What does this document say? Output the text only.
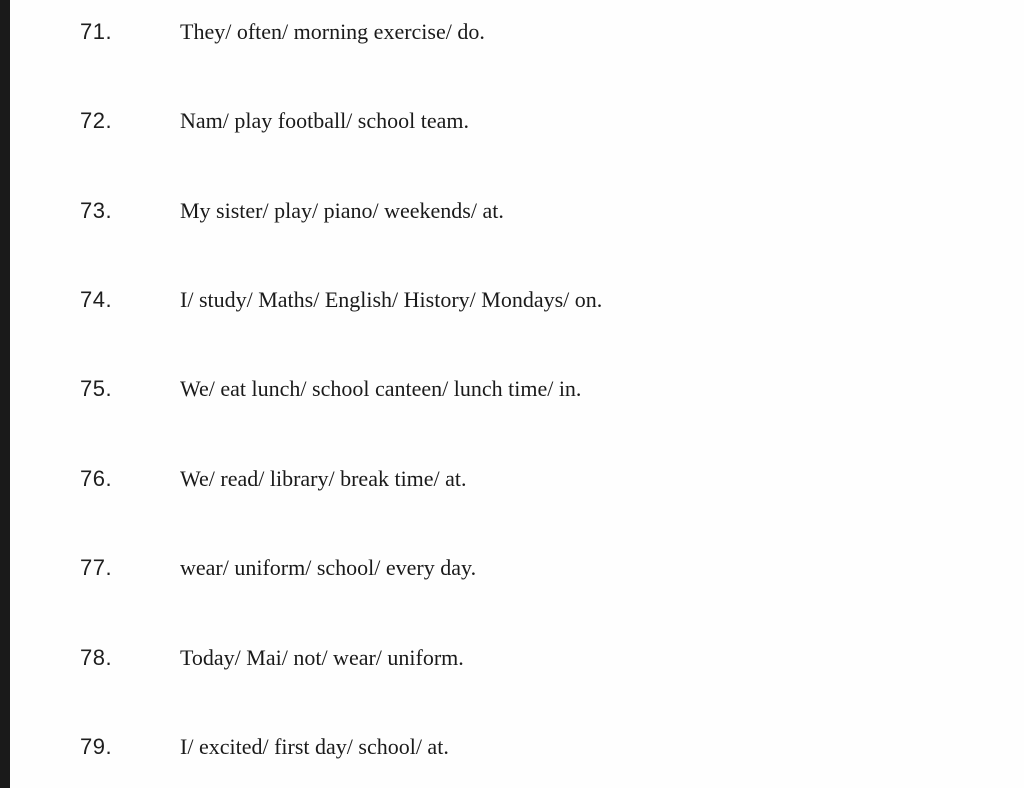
71.	They/ often/ morning exercise/ do.
72.	Nam/ play football/ school team.
73.	My sister/ play/ piano/ weekends/ at.
74.	I/ study/ Maths/ English/ History/ Mondays/ on.
75.	We/ eat lunch/ school canteen/ lunch time/ in.
76.	We/ read/ library/ break time/ at.
77.	wear/ uniform/ school/ every day.
78.	Today/ Mai/ not/ wear/ uniform.
79.	I/ excited/ first day/ school/ at.
